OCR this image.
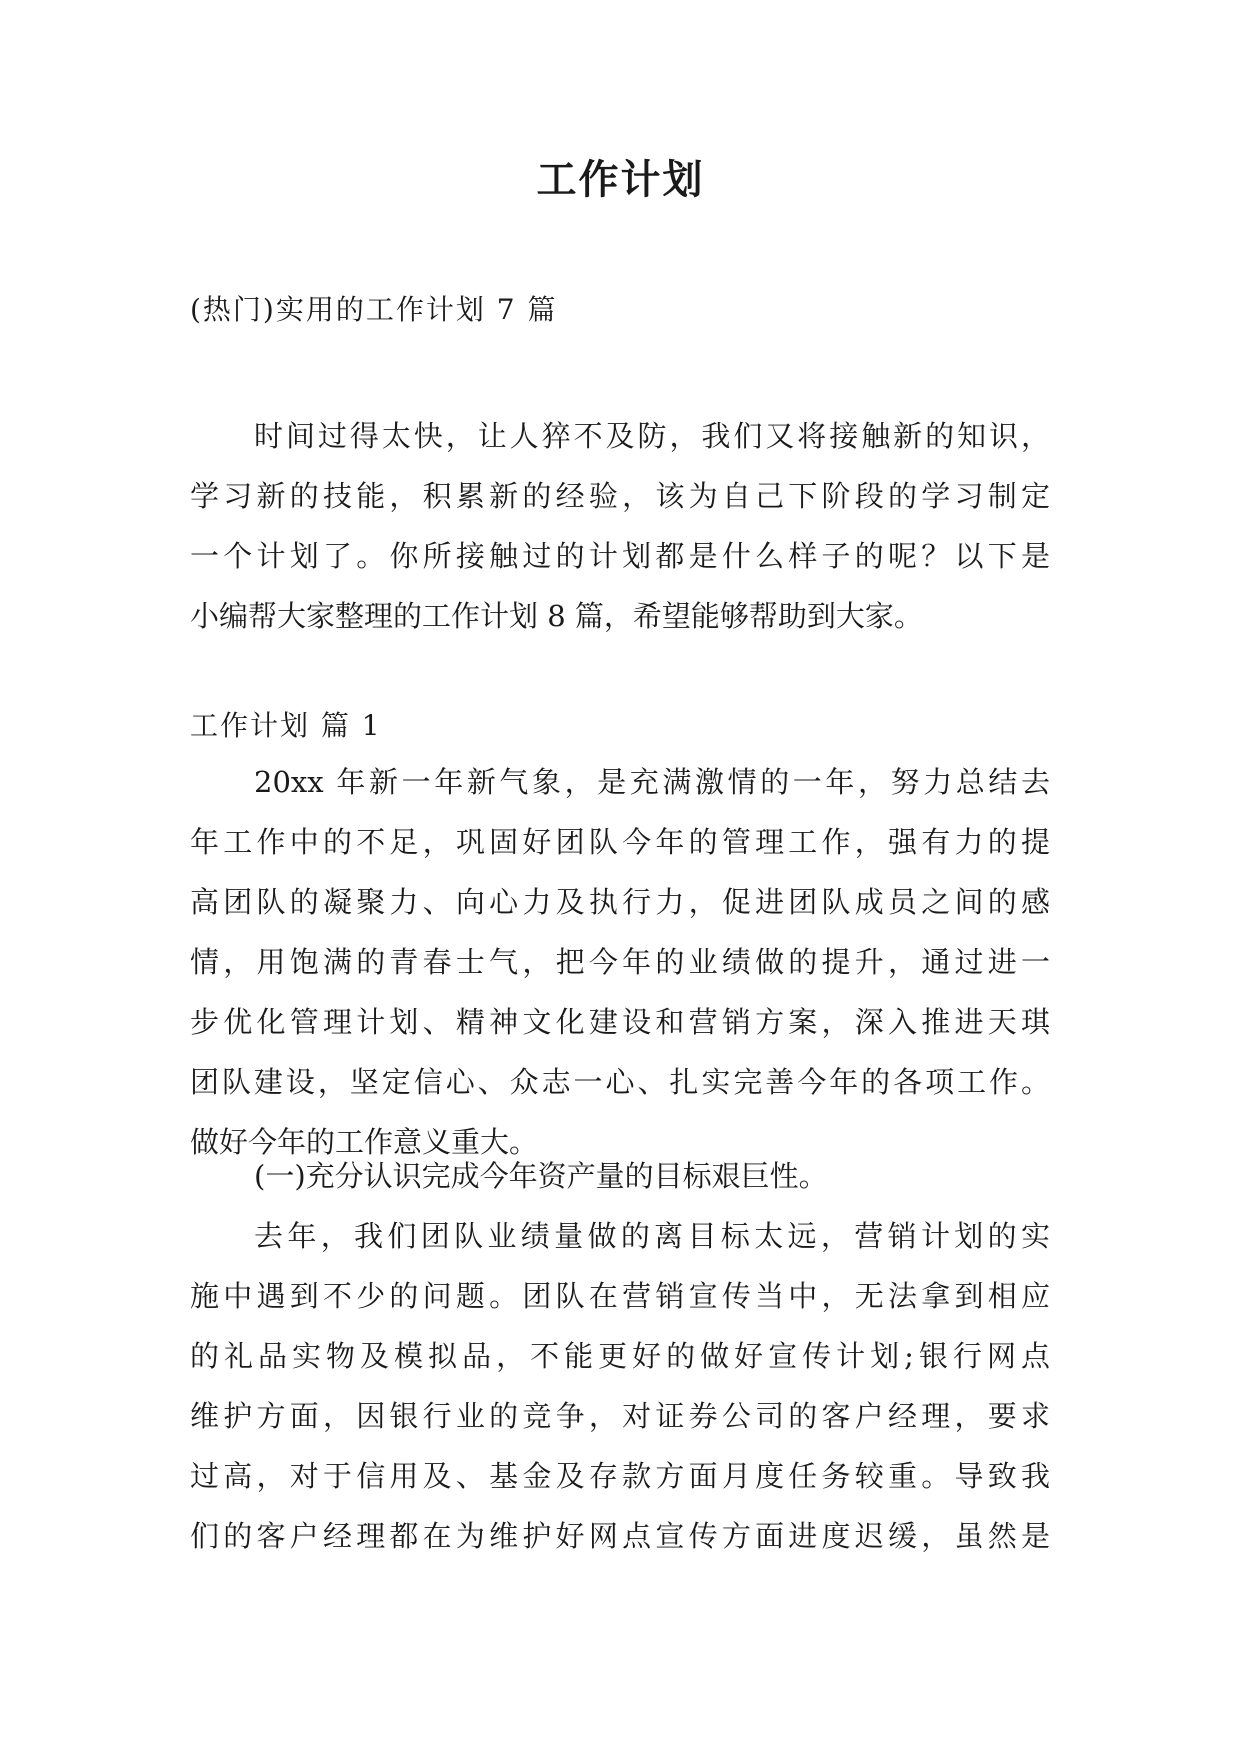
工作计划
(热门)实用的工作计划 7 篇
时间过得太快，让人猝不及防，我们又将接触新的知识，
学习新的技能，积累新的经验，该为自己下阶段的学习制定
一个计划了。你所接触过的计划都是什么样子的呢？以下是
小编帮大家整理的工作计划 8 篇，希望能够帮助到大家。
工作计划 篇 1
20xx 年新一年新气象，是充满激情的一年，努力总结去
年工作中的不足，巩固好团队今年的管理工作，强有力的提
高团队的凝聚力、向心力及执行力，促进团队成员之间的感
情，用饱满的青春士气，把今年的业绩做的提升，通过进一
步优化管理计划、精神文化建设和营销方案，深入推进天琪
团队建设，坚定信心、众志一心、扎实完善今年的各项工作。
做好今年的工作意义重大。
(一)充分认识完成今年资产量的目标艰巨性。
去年，我们团队业绩量做的离目标太远，营销计划的实
施中遇到不少的问题。团队在营销宣传当中，无法拿到相应
的礼品实物及模拟品，不能更好的做好宣传计划;银行网点
维护方面，因银行业的竞争，对证券公司的客户经理，要求
过高，对于信用及、基金及存款方面月度任务较重。导致我
们的客户经理都在为维护好网点宣传方面进度迟缓，虽然是
